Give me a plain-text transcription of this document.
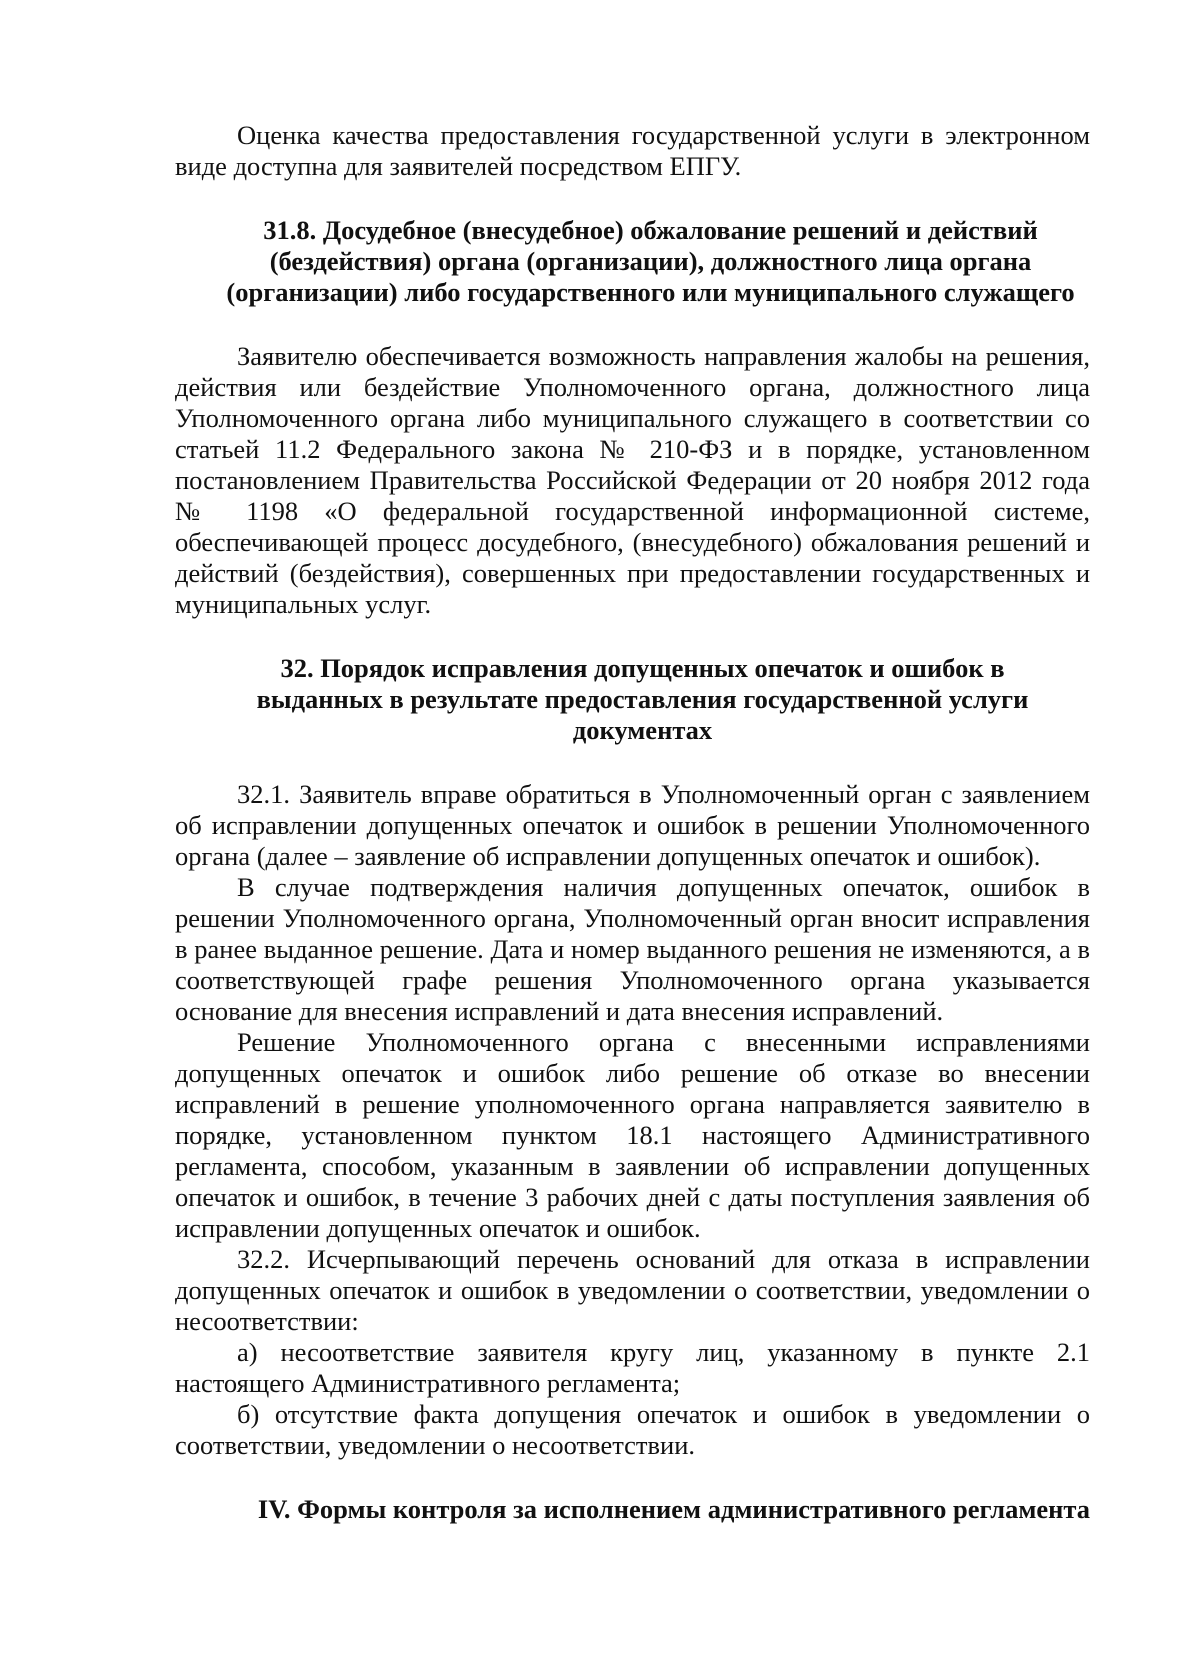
Оценка качества предоставления государственной услуги в электронном виде доступна для заявителей посредством ЕПГУ.

31.8. Досудебное (внесудебное) обжалование решений и действий (бездействия) органа (организации), должностного лица органа (организации) либо государственного или муниципального служащего

Заявителю обеспечивается возможность направления жалобы на решения, действия или бездействие Уполномоченного органа, должностного лица Уполномоченного органа либо муниципального служащего в соответствии со статьей 11.2 Федерального закона № 210-ФЗ и в порядке, установленном постановлением Правительства Российской Федерации от 20 ноября 2012 года № 1198 «О федеральной государственной информационной системе, обеспечивающей процесс досудебного, (внесудебного) обжалования решений и действий (бездействия), совершенных при предоставлении государственных и муниципальных услуг.

32. Порядок исправления допущенных опечаток и ошибок в выданных в результате предоставления государственной услуги документах

32.1. Заявитель вправе обратиться в Уполномоченный орган с заявлением об исправлении допущенных опечаток и ошибок в решении Уполномоченного органа (далее – заявление об исправлении допущенных опечаток и ошибок).

В случае подтверждения наличия допущенных опечаток, ошибок в решении Уполномоченного органа, Уполномоченный орган вносит исправления в ранее выданное решение. Дата и номер выданного решения не изменяются, а в соответствующей графе решения Уполномоченного органа указывается основание для внесения исправлений и дата внесения исправлений.

Решение Уполномоченного органа с внесенными исправлениями допущенных опечаток и ошибок либо решение об отказе во внесении исправлений в решение уполномоченного органа направляется заявителю в порядке, установленном пунктом 18.1 настоящего Административного регламента, способом, указанным в заявлении об исправлении допущенных опечаток и ошибок, в течение 3 рабочих дней с даты поступления заявления об исправлении допущенных опечаток и ошибок.

32.2. Исчерпывающий перечень оснований для отказа в исправлении допущенных опечаток и ошибок в уведомлении о соответствии, уведомлении о несоответствии:

а) несоответствие заявителя кругу лиц, указанному в пункте 2.1 настоящего Административного регламента;

б) отсутствие факта допущения опечаток и ошибок в уведомлении о соответствии, уведомлении о несоответствии.

IV. Формы контроля за исполнением административного регламента
